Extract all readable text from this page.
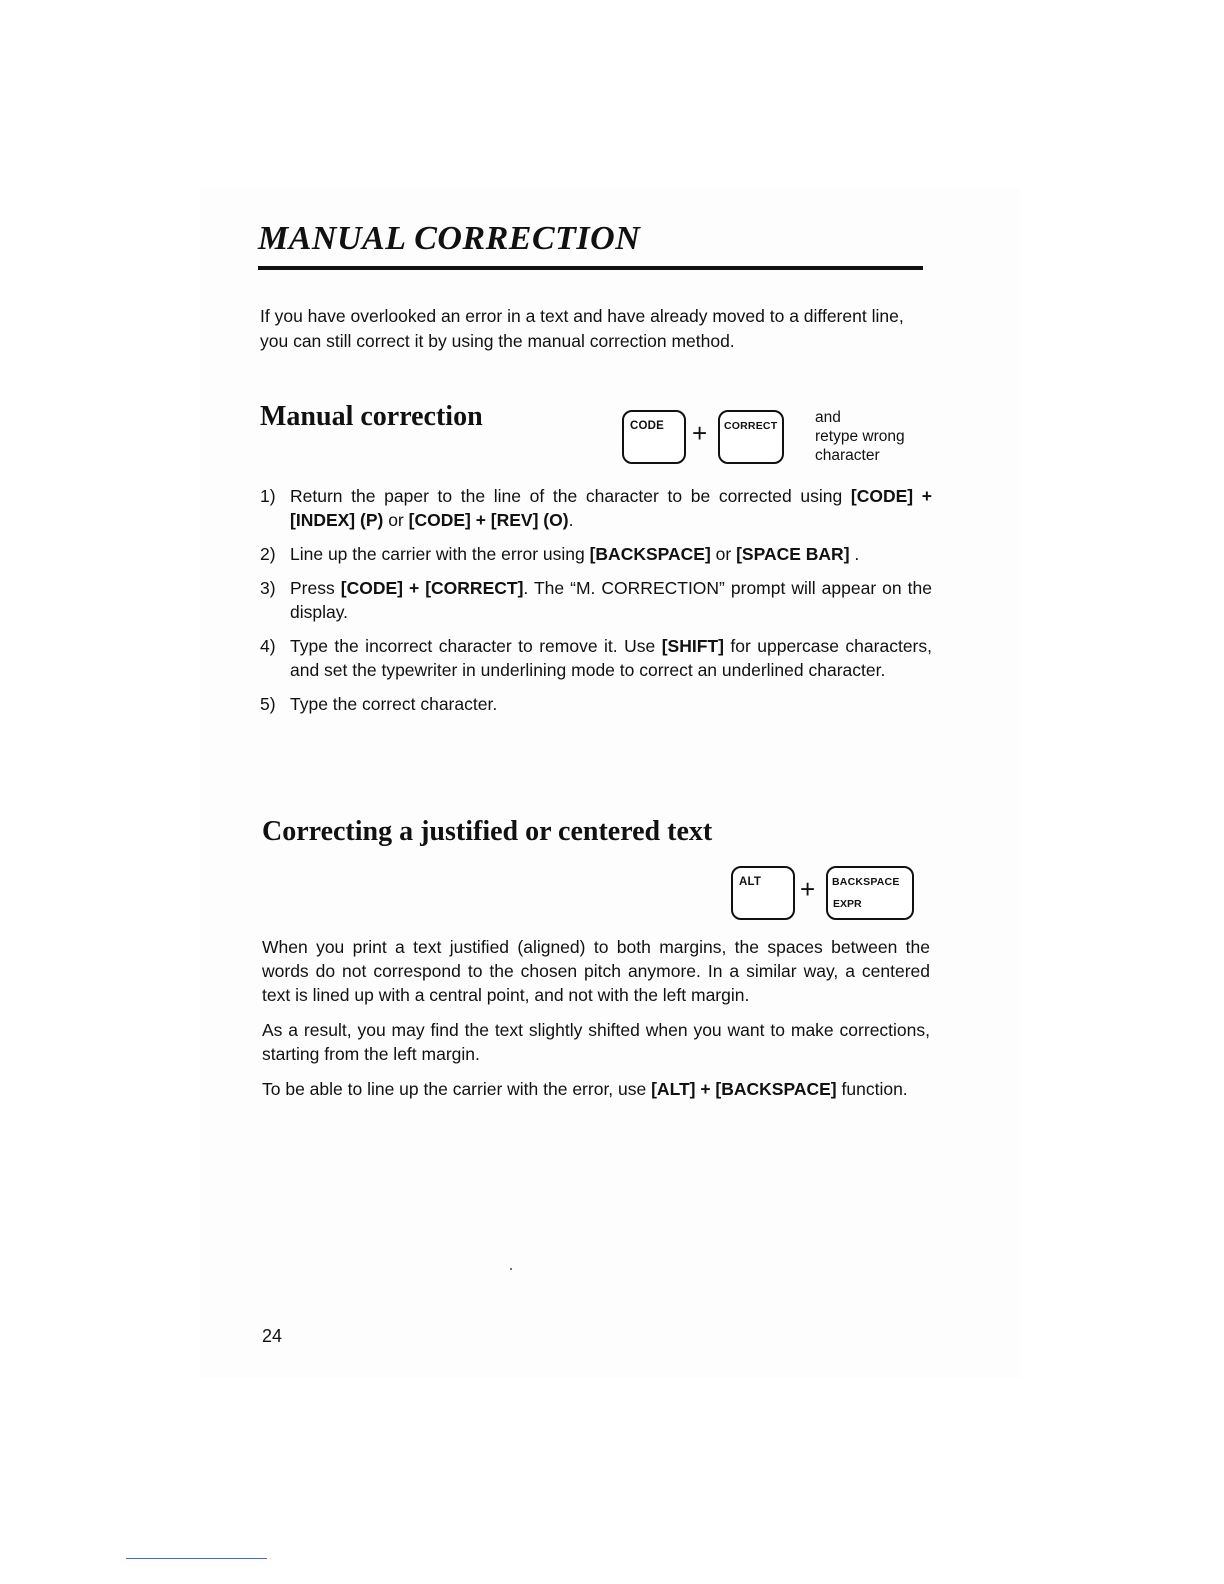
MANUAL CORRECTION

If you have overlooked an error in a text and have already moved to a different line, you can still correct it by using the manual correction method.

Manual correction	CODE + CORRECT and
retype wrong
character
1) Return the paper to the line of the character to be corrected using [CODE] + [INDEX] (P) or [CODE] + [REV] (O).
2) Line up the carrier with the error using [BACKSPACE] or [SPACE BAR] .
3) Press [CODE] + [CORRECT]. The “M. CORRECTION” prompt will appear on the display.
4) Type the incorrect character to remove it. Use [SHIFT] for uppercase characters, and set the typewriter in underlining mode to correct an underlined character.
5) Type the correct character.
Correcting a justified or centered text
ALT + BACKSPACE
EXPR

When you print a text justified (aligned) to both margins, the spaces between the words do not correspond to the chosen pitch anymore. In a similar way, a centered text is lined up with a central point, and not with the left margin.

As a result, you may find the text slightly shifted when you want to make corrections, starting from the left margin.

To be able to line up the carrier with the error, use [ALT] + [BACKSPACE] function.

24
